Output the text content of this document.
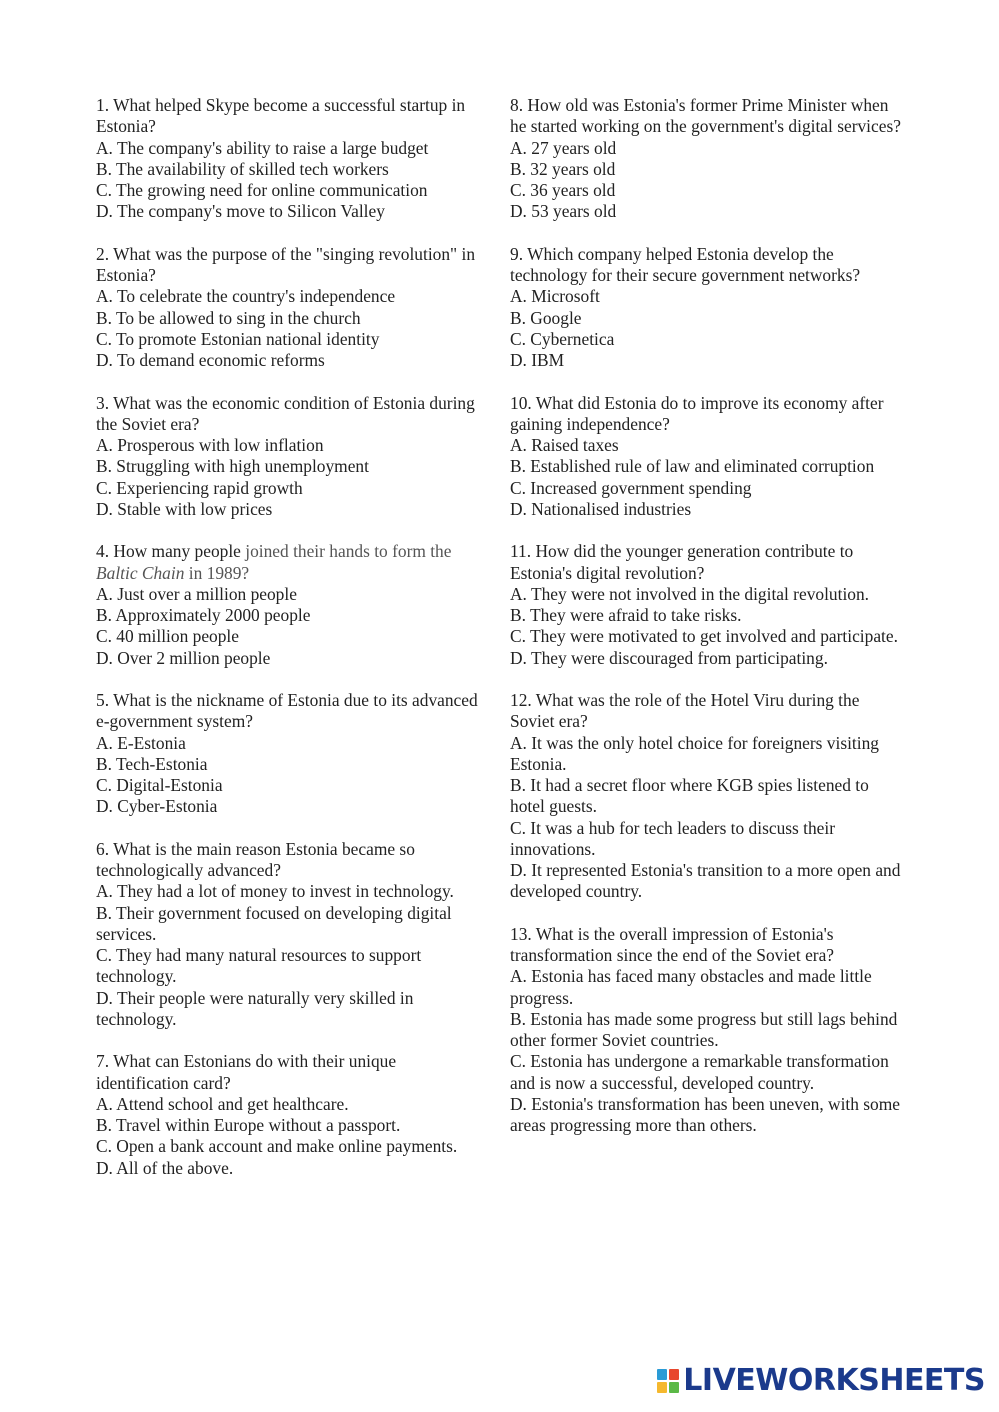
1. What helped Skype become a successful startup in Estonia?
A. The company's ability to raise a large budget
B. The availability of skilled tech workers
C. The growing need for online communication
D. The company's move to Silicon Valley
2. What was the purpose of the "singing revolution" in Estonia?
A. To celebrate the country's independence
B. To be allowed to sing in the church
C. To promote Estonian national identity
D. To demand economic reforms
3. What was the economic condition of Estonia during the Soviet era?
A. Prosperous with low inflation
B. Struggling with high unemployment
C. Experiencing rapid growth
D. Stable with low prices
4. How many people joined their hands to form the Baltic Chain in 1989?
A. Just over a million people
B. Approximately 2000 people
C. 40 million people
D. Over 2 million people
5. What is the nickname of Estonia due to its advanced e-government system?
A. E-Estonia
B. Tech-Estonia
C. Digital-Estonia
D. Cyber-Estonia
6. What is the main reason Estonia became so technologically advanced?
A. They had a lot of money to invest in technology.
B. Their government focused on developing digital services.
C. They had many natural resources to support technology.
D. Their people were naturally very skilled in technology.
7. What can Estonians do with their unique identification card?
A. Attend school and get healthcare.
B. Travel within Europe without a passport.
C. Open a bank account and make online payments.
D. All of the above.
8. How old was Estonia's former Prime Minister when he started working on the government's digital services?
A. 27 years old
B. 32 years old
C. 36 years old
D. 53 years old
9. Which company helped Estonia develop the technology for their secure government networks?
A. Microsoft
B. Google
C. Cybernetica
D. IBM
10. What did Estonia do to improve its economy after gaining independence?
A. Raised taxes
B. Established rule of law and eliminated corruption
C. Increased government spending
D. Nationalised industries
11. How did the younger generation contribute to Estonia's digital revolution?
A. They were not involved in the digital revolution.
B. They were afraid to take risks.
C. They were motivated to get involved and participate.
D. They were discouraged from participating.
12. What was the role of the Hotel Viru during the Soviet era?
A. It was the only hotel choice for foreigners visiting Estonia.
B. It had a secret floor where KGB spies listened to hotel guests.
C. It was a hub for tech leaders to discuss their innovations.
D. It represented Estonia's transition to a more open and developed country.
13. What is the overall impression of Estonia's transformation since the end of the Soviet era?
A. Estonia has faced many obstacles and made little progress.
B. Estonia has made some progress but still lags behind other former Soviet countries.
C. Estonia has undergone a remarkable transformation and is now a successful, developed country.
D. Estonia's transformation has been uneven, with some areas progressing more than others.
LIVEWORKSHEETS
